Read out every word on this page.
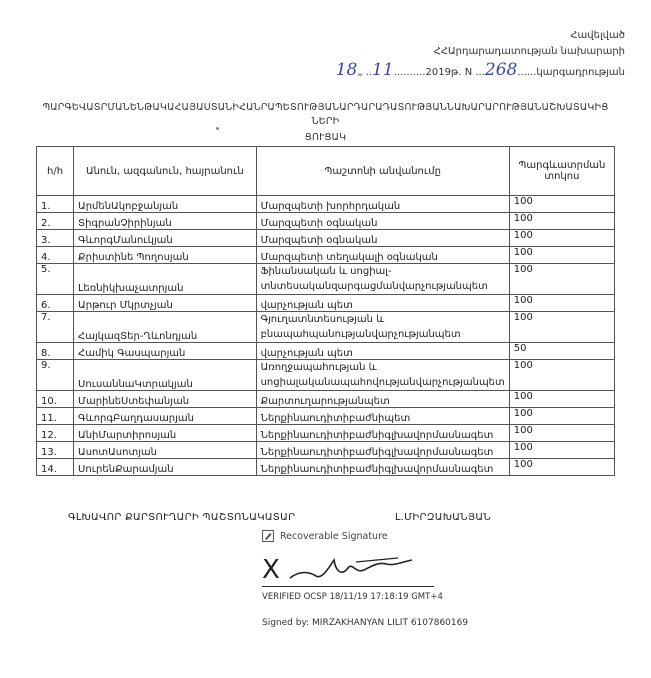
Հավելված
ՀՀԱրդարադատության նախարարի
18„ ..11..........2019թ. N ...268......կարգադրության
ՊԱՐԳԵՎԱՏՐՄԱՆԵՆԹԱԿԱՀԱՅԱՍՏԱՆԻՀԱՆՐԱՊԵՏՈՒԹՅԱՆԱՐԴԱՐԱԴԱՏՈՒԹՅԱՆՆԱԽԱՐԱՐՈՒԹՅԱՆԱՇԽԱՏԱԿԻՑ
ՆԵՐԻ
ՑՈՒՑԱԿ
հ/հ	Անուն, ազգանուն, հայրանուն	Պաշտոնի անվանումը	Պարգևատրման տոկոս
1.	ԱրմենԱկոբջանյան	Մարզպետի խորհրդական	100
2.	ՏիգրանՉիրինյան	Մարզպետի օգնական	100
3.	ԳևորգՄանուկյան	Մարզպետի օգնական	100
4.	Քրիստինե Պողոսյան	Մարզպետի տեղակալի օգնական	100
5.	Լեռնիկխաչատրյան	Ֆինանսական և սոցիալ-տնտեսականզարգացմանվարչությանպետ	100
6.	Արթուր Մկրտչյան	վարչության պետ	100
7.	ՀայկազՏեր-Ղևոնդյան	Գյուղատնտեսության և բնապահպանությանվարչությանպետ	100
8.	Համիկ Գասպարյան	վարչության պետ	50
9.	ՍուսաննաԿտրակյան	Առողջապահության և սոցիալականապահովությանվարչությանպետ	100
10.	ՄարինեՍտեփանյան	Քարտուղարությանպետ	100
11.	ԳևորգԲաղդասարյան	Ներքինաուդիտիբաժնիպետ	100
12.	ԱնիՄարտիրոսյան	Ներքինաուդիտիբաժնիգլխավորմասնագետ	100
13.	ԱսոտԱսոտյան	Ներքինաուդիտիբաժնիգլխավորմասնագետ	100
14.	ՍուրենՔարամյան	Ներքինաուդիտիբաժնիգլխավորմասնագետ	100
ԳԼԽԱՎՈՐ ՔԱՐՏՈՒՂԱՐԻ ՊԱՇՏՈՆԱԿԱՏԱՐ	Լ.ՄԻՐԶԱԽԱՆՅԱՆ
Recoverable Signature
X
VERIFIED OCSP 18/11/19 17:18:19 GMT+4
Signed by: MIRZAKHANYAN LILIT 6107860169
